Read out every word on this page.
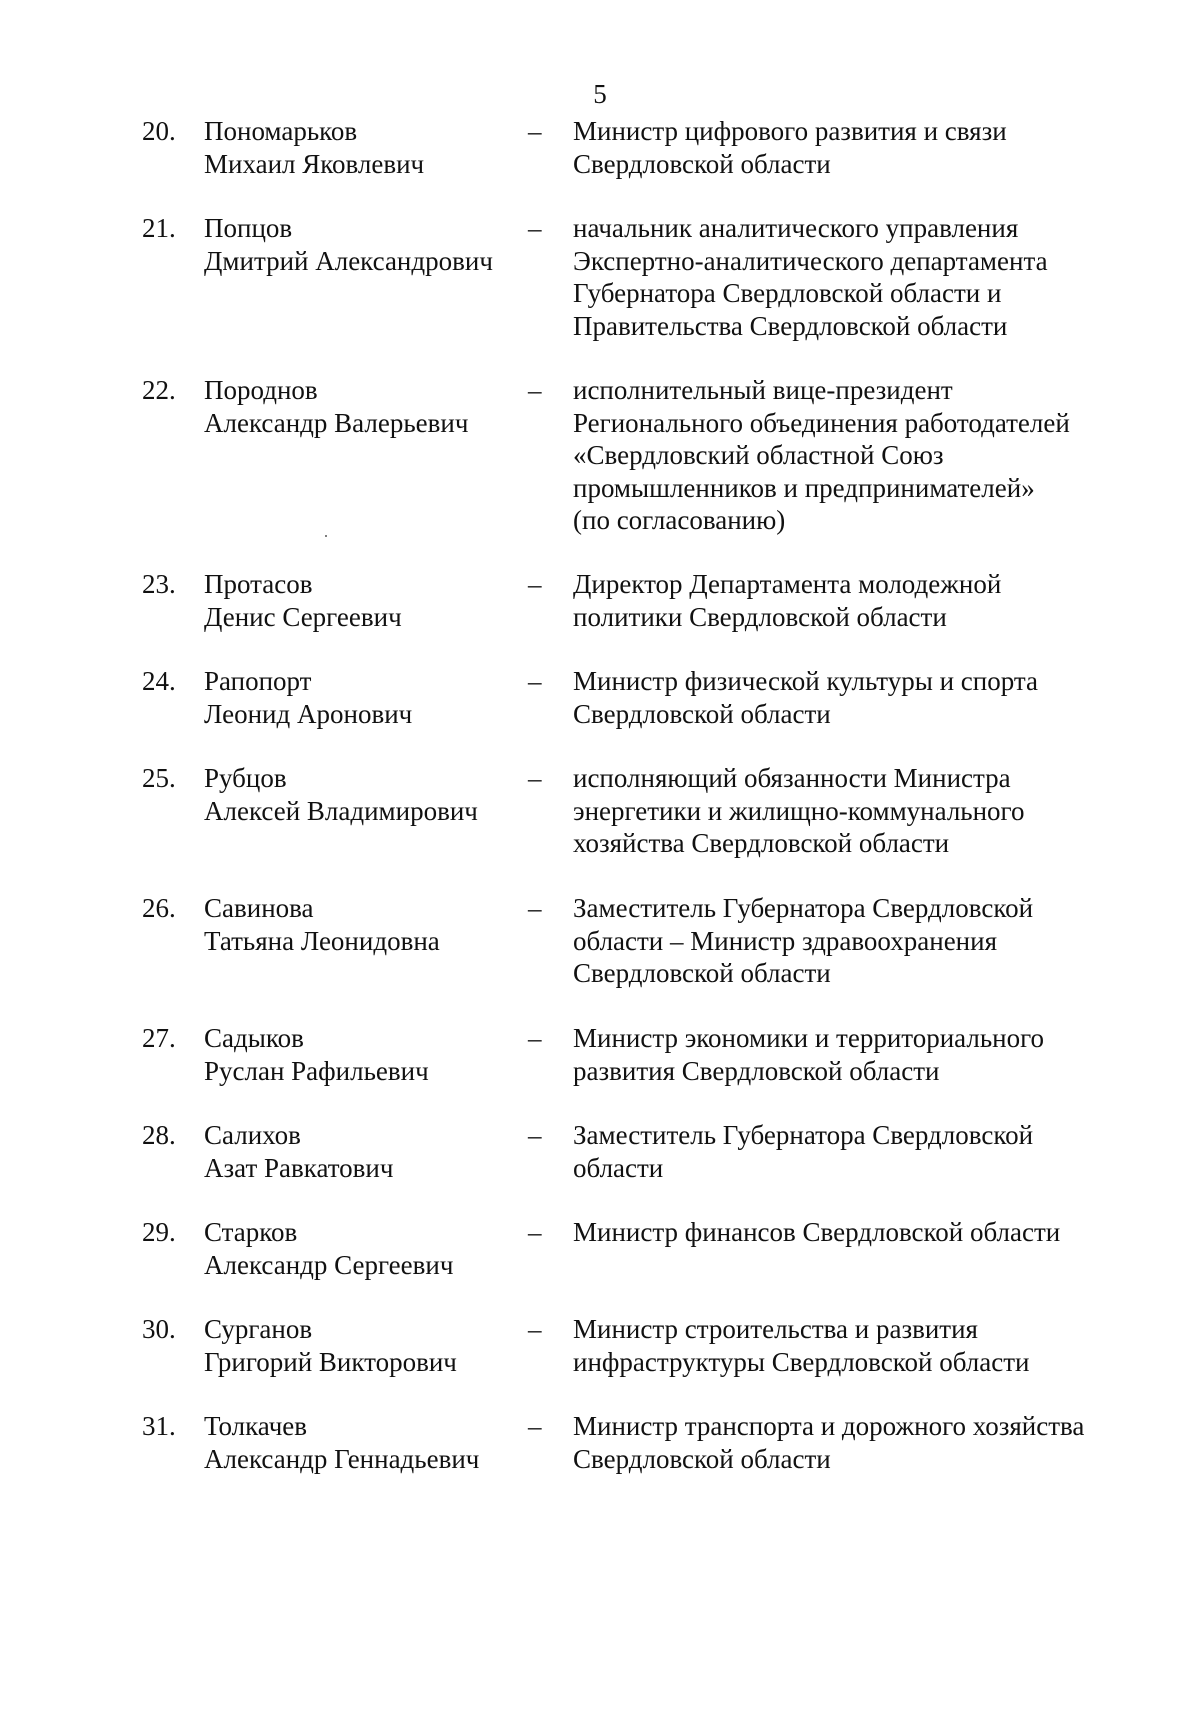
5
20. Пономарьков
Михаил Яковлевич
– Министр цифрового развития и связи
Свердловской области
21. Попцов
Дмитрий Александрович
– начальник аналитического управления
Экспертно-аналитического департамента
Губернатора Свердловской области и
Правительства Свердловской области
22. Породнов
Александр Валерьевич
– исполнительный вице-президент
Регионального объединения работодателей
«Свердловский областной Союз
промышленников и предпринимателей»
(по согласованию)
23. Протасов
Денис Сергеевич
– Директор Департамента молодежной
политики Свердловской области
24. Рапопорт
Леонид Аронович
– Министр физической культуры и спорта
Свердловской области
25. Рубцов
Алексей Владимирович
– исполняющий обязанности Министра
энергетики и жилищно-коммунального
хозяйства Свердловской области
26. Савинова
Татьяна Леонидовна
– Заместитель Губернатора Свердловской
области – Министр здравоохранения
Свердловской области
27. Садыков
Руслан Рафильевич
– Министр экономики и территориального
развития Свердловской области
28. Салихов
Азат Равкатович
– Заместитель Губернатора Свердловской
области
29. Старков
Александр Сергеевич
– Министр финансов Свердловской области
30. Сурганов
Григорий Викторович
– Министр строительства и развития
инфраструктуры Свердловской области
31. Толкачев
Александр Геннадьевич
– Министр транспорта и дорожного хозяйства
Свердловской области
